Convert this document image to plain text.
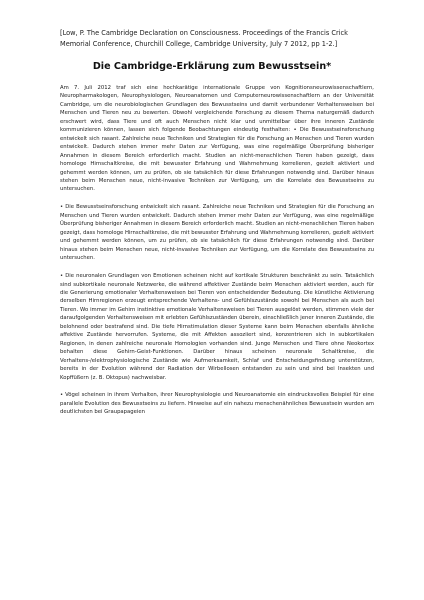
[Low, P. The Cambridge Declaration on Consciousness. Proceedings of the Francis Crick Memorial Conference, Churchill College, Cambridge University, July 7 2012, pp 1-2.]
Die Cambridge-Erklärung zum Bewusstsein*

Am 7. Juli 2012 traf sich eine hochkarätige internationale Gruppe von Kognitionsneurowissenschaftlern, Neuropharmakologen, Neurophysiologen, Neuroanatomen und Computerneurowissenschaftlern an der Universität Cambridge, um die neurobiologischen Grundlagen des Bewusstseins und damit verbundener Verhaltensweisen bei Menschen und Tieren neu zu bewerten. Obwohl vergleichende Forschung zu diesem Thema naturgemäß dadurch erschwert wird, dass Tiere und oft auch Menschen nicht klar und unmittelbar über ihre inneren Zustände kommunizieren können, lassen sich folgende Beobachtungen eindeutig festhalten: • Die Bewusstseinsforschung entwickelt sich rasant. Zahlreiche neue Techniken und Strategien für die Forschung an Menschen und Tieren wurden entwickelt. Dadurch stehen immer mehr Daten zur Verfügung, was eine regelmäßige Überprüfung bisheriger Annahmen in diesem Bereich erforderlich macht. Studien an nicht-menschlichen Tieren haben gezeigt, dass homologe Hirnschaltkreise, die mit bewusster Erfahrung und Wahrnehmung korrelieren, gezielt aktiviert und gehemmt werden können, um zu prüfen, ob sie tatsächlich für diese Erfahrungen notwendig sind. Darüber hinaus stehen beim Menschen neue, nicht-invasive Techniken zur Verfügung, um die Korrelate des Bewusstseins zu untersuchen.

• Die Bewusstseinsforschung entwickelt sich rasant. Zahlreiche neue Techniken und Strategien für die Forschung an Menschen und Tieren wurden entwickelt. Dadurch stehen immer mehr Daten zur Verfügung, was eine regelmäßige Überprüfung bisheriger Annahmen in diesem Bereich erforderlich macht. Studien an nicht-menschlichen Tieren haben gezeigt, dass homologe Hirnschaltkreise, die mit bewusster Erfahrung und Wahrnehmung korrelieren, gezielt aktiviert und gehemmt werden können, um zu prüfen, ob sie tatsächlich für diese Erfahrungen notwendig sind. Darüber hinaus stehen beim Menschen neue, nicht-invasive Techniken zur Verfügung, um die Korrelate des Bewusstseins zu untersuchen.

• Die neuronalen Grundlagen von Emotionen scheinen nicht auf kortikale Strukturen beschränkt zu sein. Tatsächlich sind subkortikale neuronale Netzwerke, die während affektiver Zustände beim Menschen aktiviert werden, auch für die Generierung emotionaler Verhaltensweisen bei Tieren von entscheidender Bedeutung. Die künstliche Aktivierung derselben Hirnregionen erzeugt entsprechende Verhaltens- und Gefühlszustände sowohl bei Menschen als auch bei Tieren. Wo immer im Gehirn instinktive emotionale Verhaltensweisen bei Tieren ausgelöst werden, stimmen viele der daraufgolgenden Verhaltensweisen mit erlebten Gefühlszuständen überein, einschließlich jener inneren Zustände, die belohnend oder bestrafend sind. Die tiefe Hirnstimulation dieser Systeme kann beim Menschen ebenfalls ähnliche affektive Zustände hervorrufen. Systeme, die mit Affekten assoziiert sind, konzentrieren sich in subkortikalen Regionen, in denen zahlreiche neuronale Homologien vorhanden sind. Junge Menschen und Tiere ohne Neokortex behalten diese Gehirn-Geist-Funktionen. Darüber hinaus scheinen neuronale Schaltkreise, die Verhaltens-/elektrophysiologische Zustände wie Aufmerksamkeit, Schlaf und Entscheidungsfindung unterstützen, bereits in der Evolution während der Radiation der Wirbellosen entstanden zu sein und sind bei Insekten und Kopffüßern (z. B. Oktopus) nachweisbar.

• Vögel scheinen in ihrem Verhalten, ihrer Neurophysiologie und Neuroanatomie ein eindrucksvolles Beispiel für eine parallele Evolution des Bewusstseins zu liefern. Hinweise auf ein nahezu menschenähnliches Bewusstsein wurden am deutlichsten bei Graupapageien
